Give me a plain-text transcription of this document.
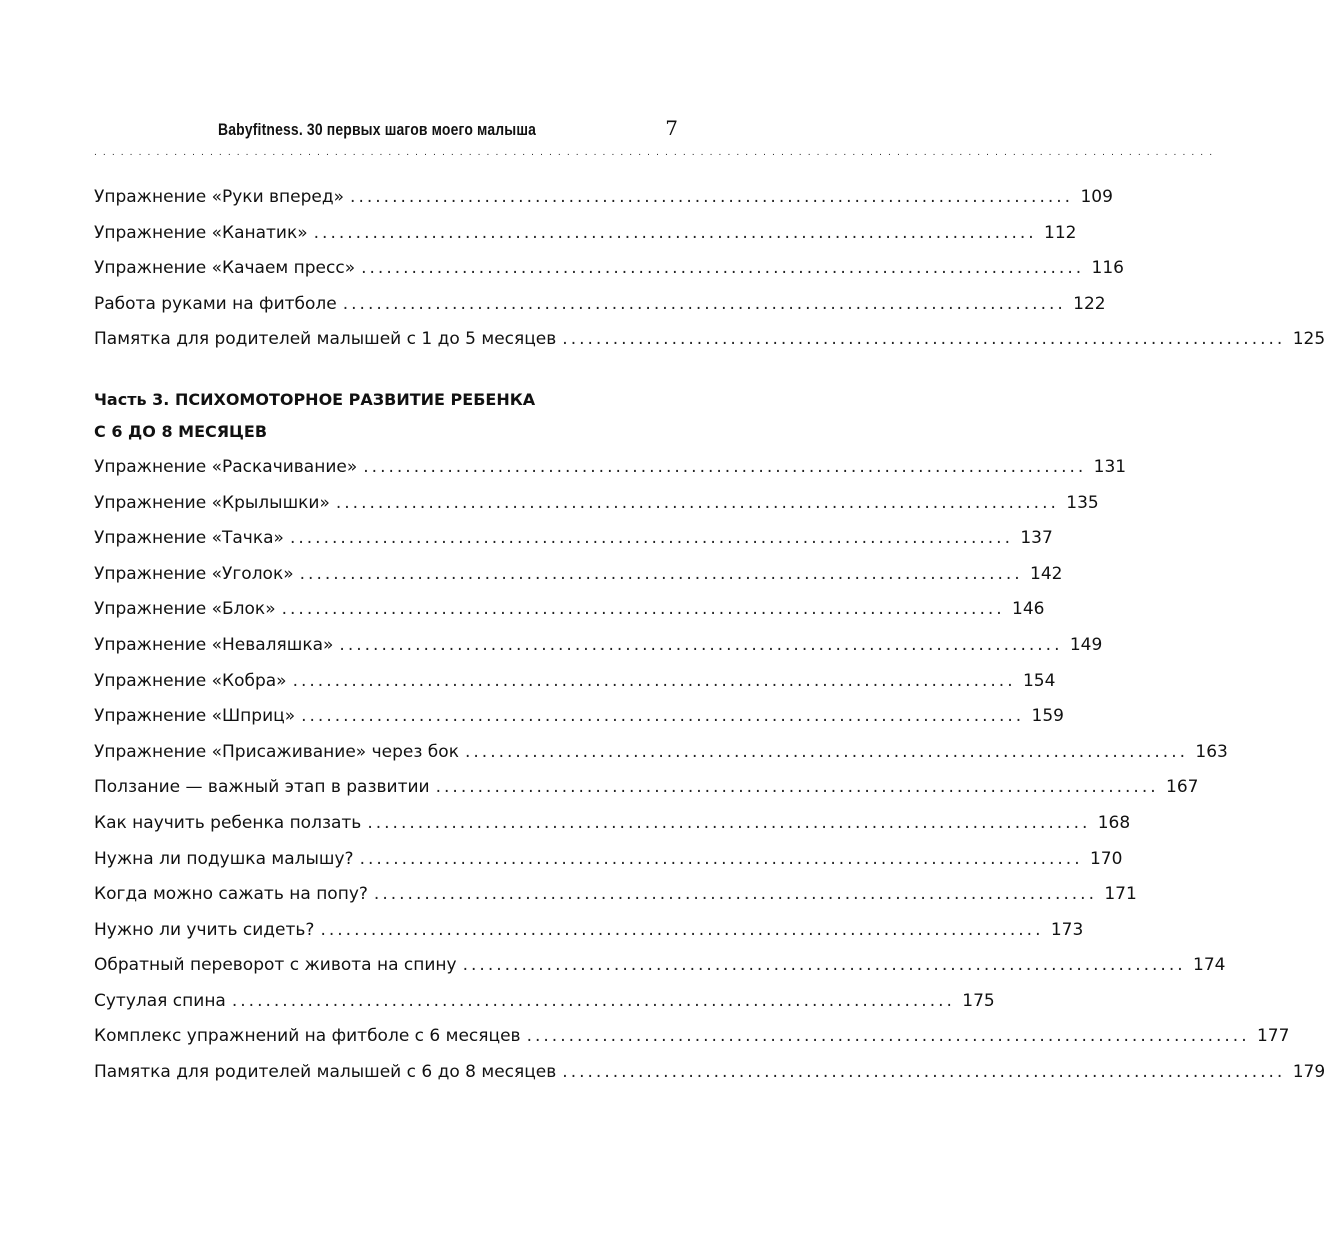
Babyfitness. 30 первых шагов моего малыша	7
. . . . . . . . . . . . . . . . . . . . . . . . . . . . . . . . . . . . . . . . . . . . . . . . . . . . . . . . . . . . . . . . . . . . . . . . . . . . . . . . . . . . . . . . . . . . . . . . . . . . . . . . . . . . . . . . . . . . . . . . . . . . . .
Упражнение «Руки вперед» . . .	109
Упражнение «Канатик» . . .	112
Упражнение «Качаем пресс» . . .	116
Работа руками на фитболе . . .	122
Памятка для родителей малышей с 1 до 5 месяцев . . .	125
Часть 3. ПСИХОМОТОРНОЕ РАЗВИТИЕ РЕБЕНКА
С 6 ДО 8 МЕСЯЦЕВ
Упражнение «Раскачивание» . . .	131
Упражнение «Крылышки» . . .	135
Упражнение «Тачка» . . .	137
Упражнение «Уголок» . . .	142
Упражнение «Блок» . . .	146
Упражнение «Неваляшка» . . .	149
Упражнение «Кобра» . . .	154
Упражнение «Шприц» . . .	159
Упражнение «Присаживание» через бок . . .	163
Ползание — важный этап в развитии . . .	167
Как научить ребенка ползать . . .	168
Нужна ли подушка малышу? . . .	170
Когда можно сажать на попу? . . .	171
Нужно ли учить сидеть? . . .	173
Обратный переворот с живота на спину . . .	174
Сутулая спина . . .	175
Комплекс упражнений на фитболе с 6 месяцев . . .	177
Памятка для родителей малышей с 6 до 8 месяцев . . .	179
